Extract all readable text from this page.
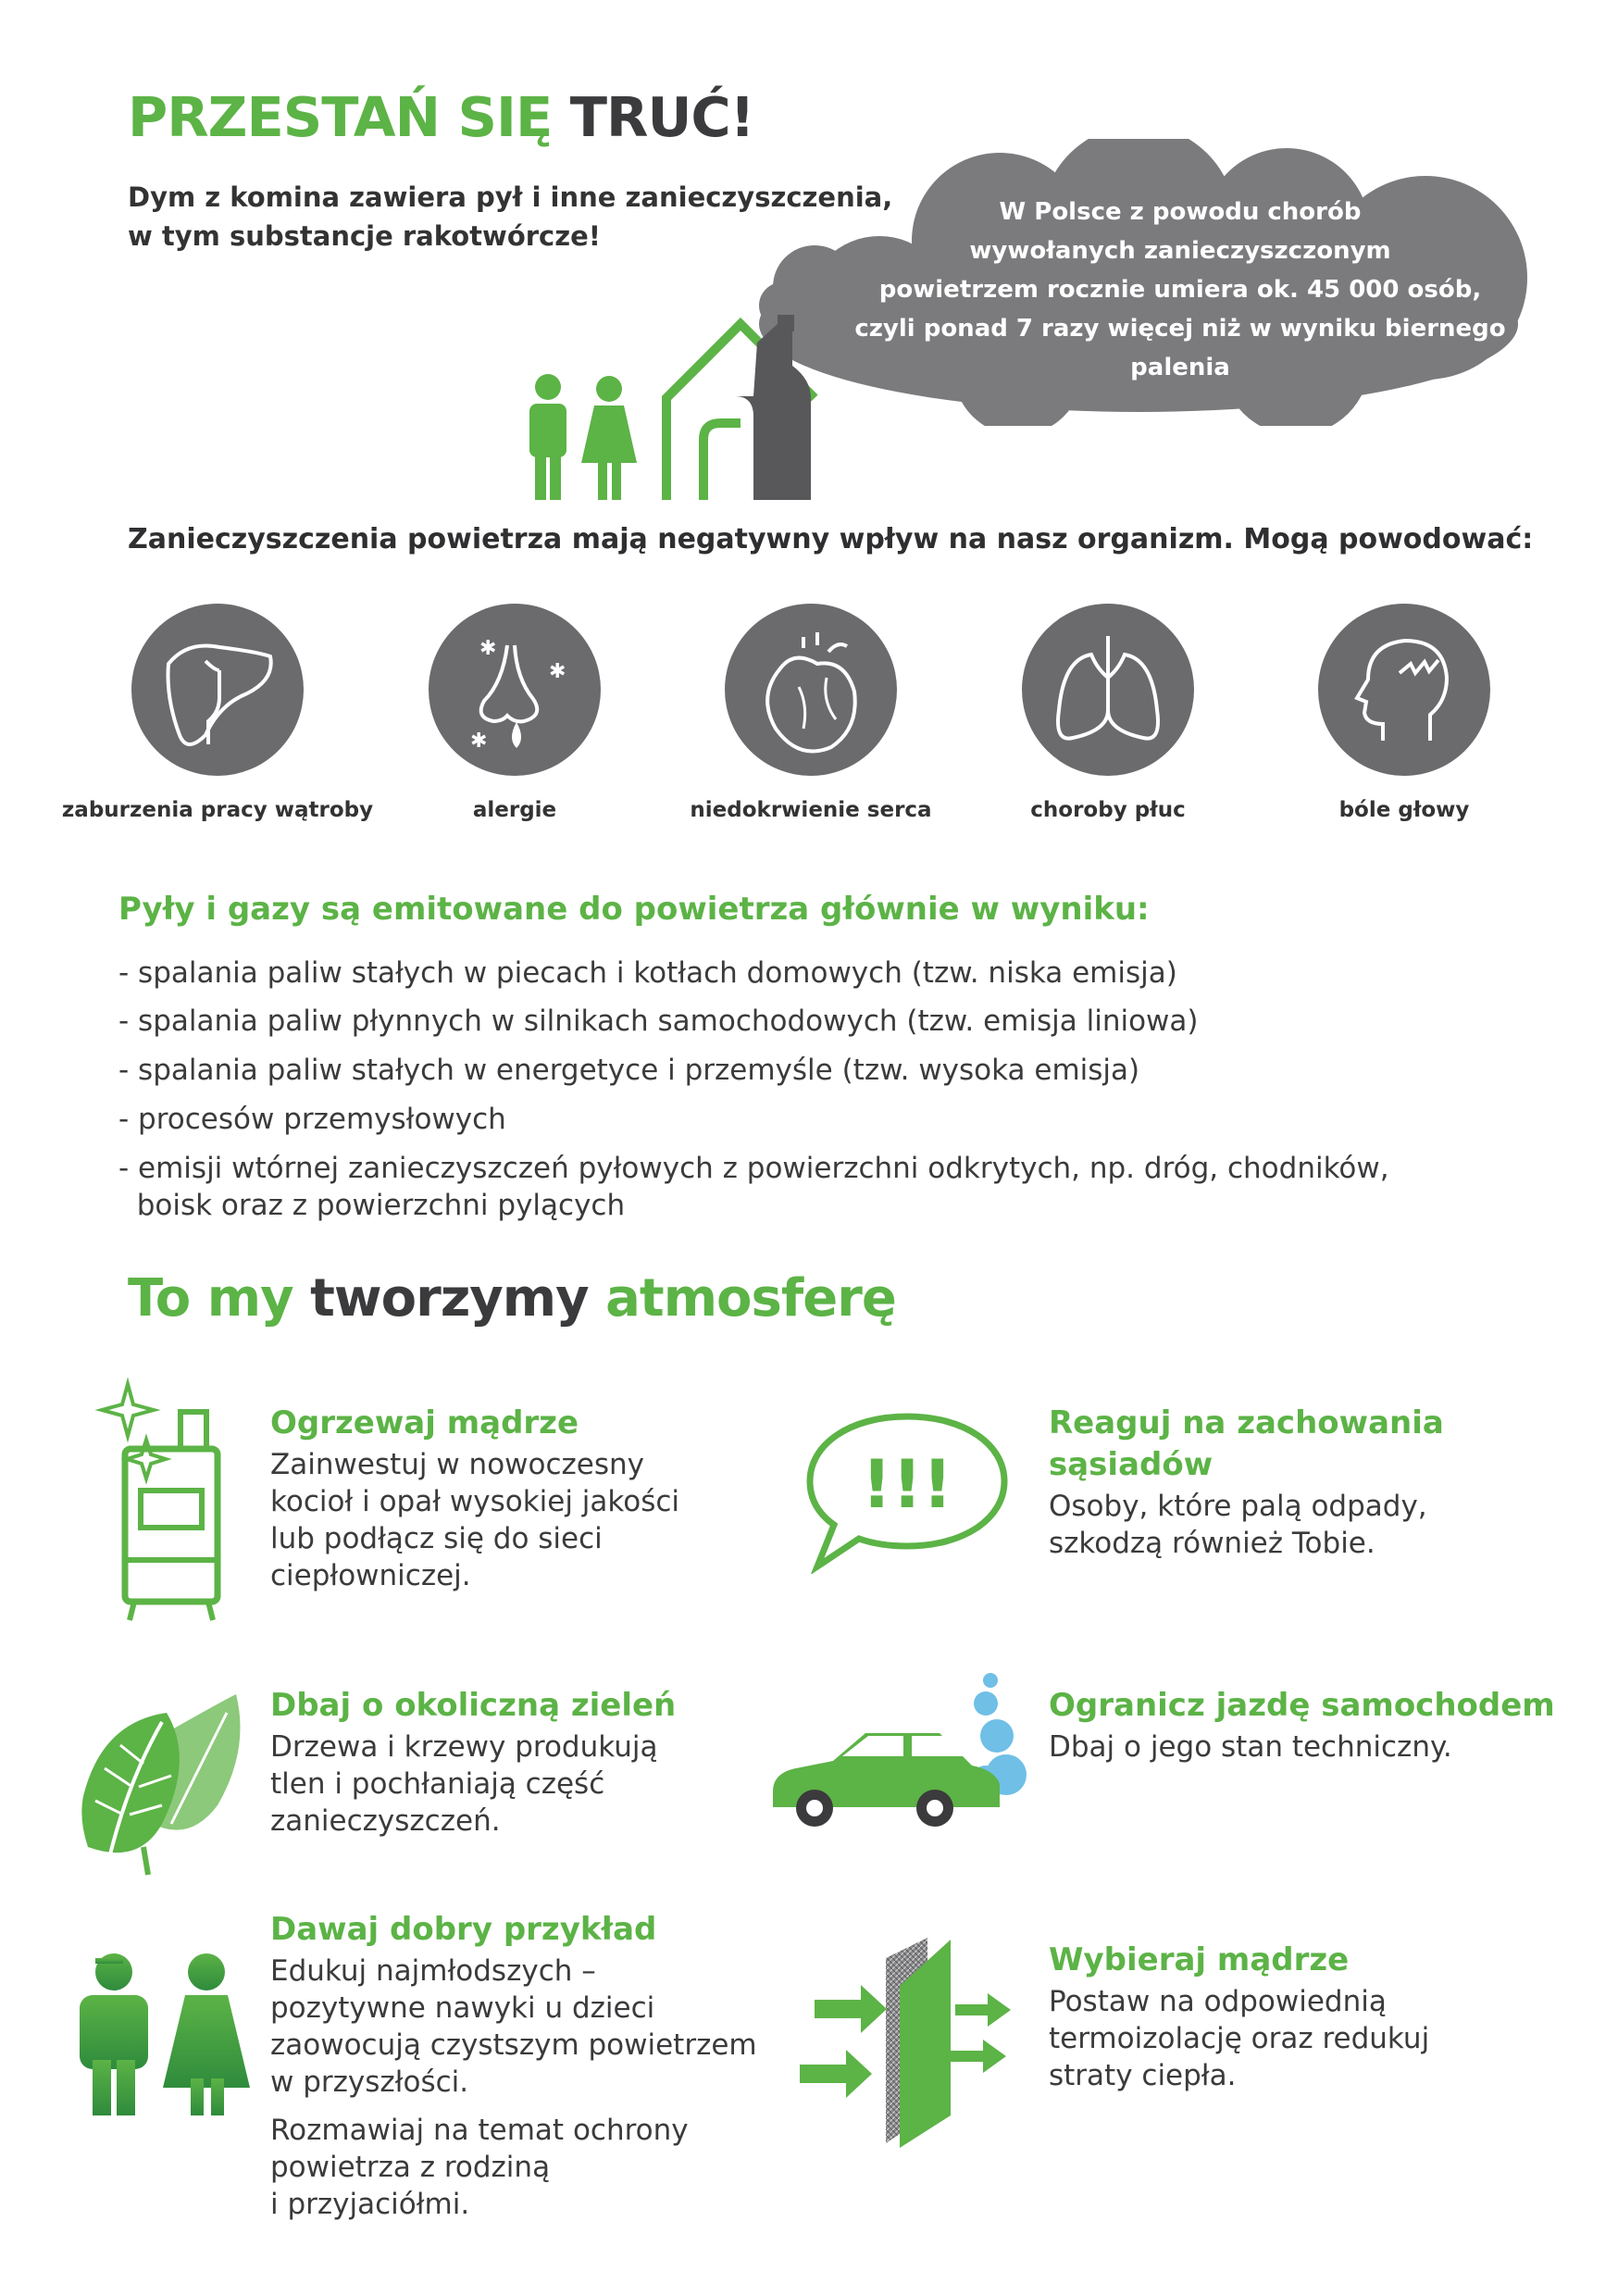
PRZESTAŃ SIĘ TRUĆ!
Dym z komina zawiera pył i inne zanieczyszczenia,
w tym substancje rakotwórcze!
W Polsce z powodu chorób
wywołanych zanieczyszczonym
powietrzem rocznie umiera ok. 45 000 osób,
czyli ponad 7 razy więcej niż w wyniku biernego palenia
Zanieczyszczenia powietrza mają negatywny wpływ na nasz organizm. Mogą powodować:
zaburzenia pracy wątroby
✱
✱
✱
alergie	niedokrwienie serca	choroby płuc	bóle głowy
Pyły i gazy są emitowane do powietrza głównie w wyniku:
- spalania paliw stałych w piecach i kotłach domowych (tzw. niska emisja)
- spalania paliw płynnych w silnikach samochodowych (tzw. emisja liniowa)
- spalania paliw stałych w energetyce i przemyśle (tzw. wysoka emisja)
- procesów przemysłowych
- emisji wtórnej zanieczyszczeń pyłowych z powierzchni odkrytych, np. dróg, chodników,
boisk oraz z powierzchni pylących
To my tworzymy atmosferę
Ogrzewaj mądrze
Zainwestuj w nowoczesny
kocioł i opał wysokiej jakości
lub podłącz się do sieci
ciepłowniczej.
!!!
Reaguj na zachowania
sąsiadów
Osoby, które palą odpady,
szkodzą również Tobie.
Dbaj o okoliczną zieleń
Drzewa i krzewy produkują
tlen i pochłaniają część
zanieczyszczeń.
Ogranicz jazdę samochodem
Dbaj o jego stan techniczny.
Dawaj dobry przykład
Edukuj najmłodszych –
pozytywne nawyki u dzieci
zaowocują czystszym powietrzem
w przyszłości.
Rozmawiaj na temat ochrony
powietrza z rodziną
i przyjaciółmi.
Wybieraj mądrze
Postaw na odpowiednią
termoizolację oraz redukuj
straty ciepła.
